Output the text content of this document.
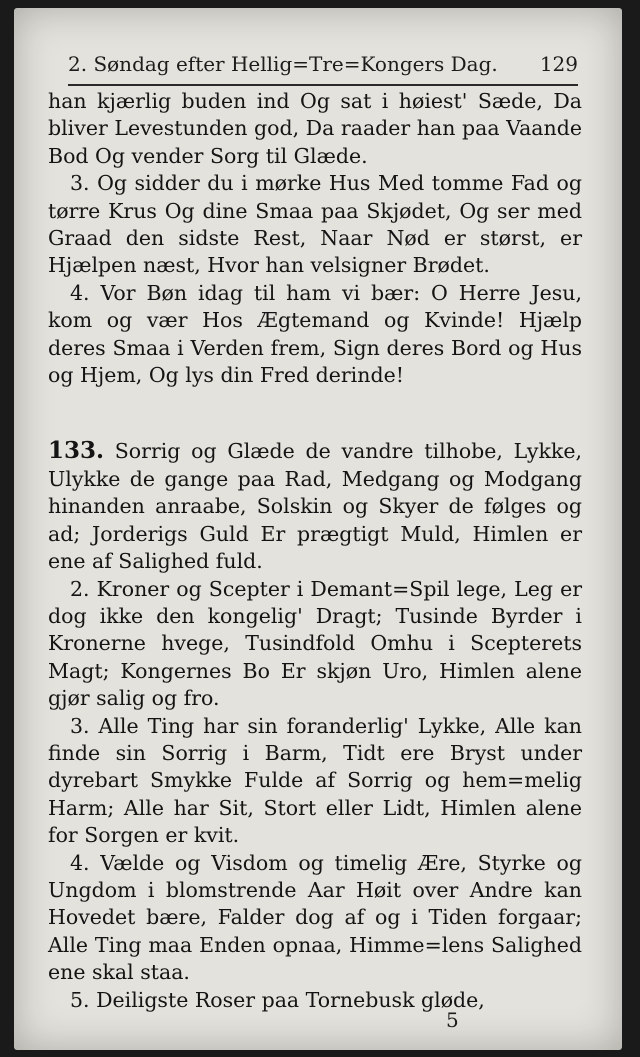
2. Søndag efter Hellig=Tre=Kongers Dag. 129

han kjærlig buden ind Og sat i høiest' Sæde, Da bliver Levestunden god, Da raader han paa Vaande Bod Og vender Sorg til Glæde.

3. Og sidder du i mørke Hus Med tomme Fad og tørre Krus Og dine Smaa paa Skjødet, Og ser med Graad den sidste Rest, Naar Nød er størst, er Hjælpen næst, Hvor han velsigner Brødet.

4. Vor Bøn idag til ham vi bær: O Herre Jesu, kom og vær Hos Ægtemand og Kvinde! Hjælp deres Smaa i Verden frem, Sign deres Bord og Hus og Hjem, Og lys din Fred derinde!

133. Sorrig og Glæde de vandre tilhobe, Lykke, Ulykke de gange paa Rad, Medgang og Modgang hinanden anraabe, Solskin og Skyer de følges og ad; Jorderigs Guld Er prægtigt Muld, Himlen er ene af Salighed fuld.

2. Kroner og Scepter i Demant=Spil lege, Leg er dog ikke den kongelig' Dragt; Tusinde Byrder i Kronerne hvege, Tusindfold Omhu i Scepterets Magt; Kongernes Bo Er skjøn Uro, Himlen alene gjør salig og fro.

3. Alle Ting har sin foranderlig' Lykke, Alle kan finde sin Sorrig i Barm, Tidt ere Bryst under dyrebart Smykke Fulde af Sorrig og hem=melig Harm; Alle har Sit, Stort eller Lidt, Himlen alene for Sorgen er kvit.

4. Vælde og Visdom og timelig Ære, Styrke og Ungdom i blomstrende Aar Høit over Andre kan Hovedet bære, Falder dog af og i Tiden forgaar; Alle Ting maa Enden opnaa, Himme=lens Salighed ene skal staa.

5. Deiligste Roser paa Tornebusk gløde,

5
